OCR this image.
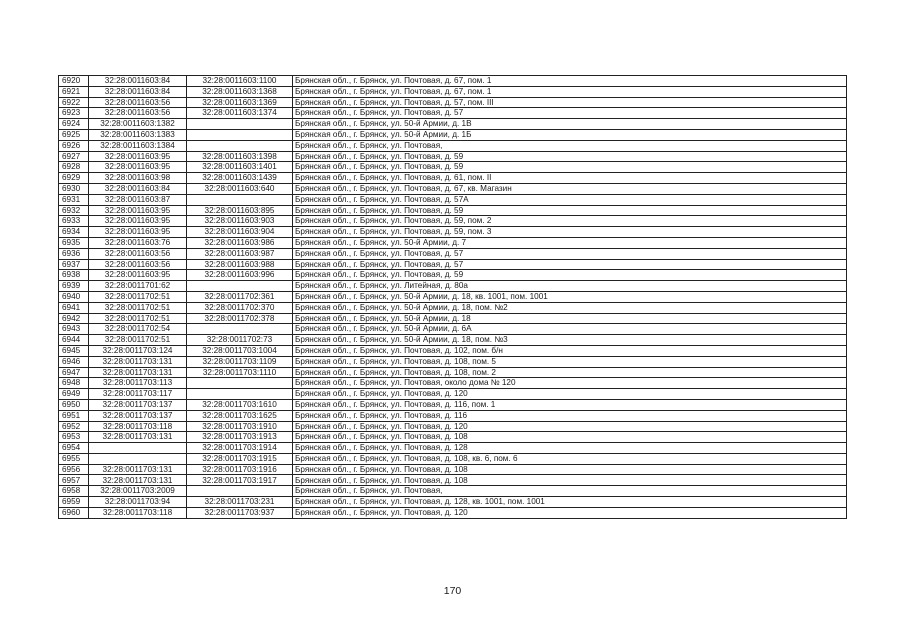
6920	32:28:0011603:84	32:28:0011603:1100	Брянская обл., г. Брянск, ул. Почтовая, д. 67, пом. 1
6921	32:28:0011603:84	32:28:0011603:1368	Брянская обл., г. Брянск, ул. Почтовая, д. 67, пом. 1
6922	32:28:0011603:56	32:28:0011603:1369	Брянская обл., г. Брянск, ул. Почтовая, д. 57, пом. III
6923	32:28:0011603:56	32:28:0011603:1374	Брянская обл., г. Брянск, ул. Почтовая, д. 57
6924	32:28:0011603:1382		Брянская обл., г. Брянск, ул. 50-й Армии, д. 1В
6925	32:28:0011603:1383		Брянская обл., г. Брянск, ул. 50-й Армии, д. 1Б
6926	32:28:0011603:1384		Брянская обл., г. Брянск, ул. Почтовая,
6927	32:28:0011603:95	32:28:0011603:1398	Брянская обл., г. Брянск, ул. Почтовая, д. 59
6928	32:28:0011603:95	32:28:0011603:1401	Брянская обл., г. Брянск, ул. Почтовая, д. 59
6929	32:28:0011603:98	32:28:0011603:1439	Брянская обл., г. Брянск, ул. Почтовая, д. 61, пом. II
6930	32:28:0011603:84	32:28:0011603:640	Брянская обл., г. Брянск, ул. Почтовая, д. 67, кв. Магазин
6931	32:28:0011603:87		Брянская обл., г. Брянск, ул. Почтовая, д. 57А
6932	32:28:0011603:95	32:28:0011603:895	Брянская обл., г. Брянск, ул. Почтовая, д. 59
6933	32:28:0011603:95	32:28:0011603:903	Брянская обл., г. Брянск, ул. Почтовая, д. 59, пом. 2
6934	32:28:0011603:95	32:28:0011603:904	Брянская обл., г. Брянск, ул. Почтовая, д. 59, пом. 3
6935	32:28:0011603:76	32:28:0011603:986	Брянская обл., г. Брянск, ул. 50-й Армии, д. 7
6936	32:28:0011603:56	32:28:0011603:987	Брянская обл., г. Брянск, ул. Почтовая, д. 57
6937	32:28:0011603:56	32:28:0011603:988	Брянская обл., г. Брянск, ул. Почтовая, д. 57
6938	32:28:0011603:95	32:28:0011603:996	Брянская обл., г. Брянск, ул. Почтовая, д. 59
6939	32:28:0011701:62		Брянская обл., г. Брянск, ул. Литейная, д. 80а
6940	32:28:0011702:51	32:28:0011702:361	Брянская обл., г. Брянск, ул. 50-й Армии, д. 18, кв. 1001, пом. 1001
6941	32:28:0011702:51	32:28:0011702:370	Брянская обл., г. Брянск, ул. 50-й Армии, д. 18, пом. №2
6942	32:28:0011702:51	32:28:0011702:378	Брянская обл., г. Брянск, ул. 50-й Армии, д. 18
6943	32:28:0011702:54		Брянская обл., г. Брянск, ул. 50-й Армии, д. 6А
6944	32:28:0011702:51	32:28:0011702:73	Брянская обл., г. Брянск, ул. 50-й Армии, д. 18, пом. №3
6945	32:28:0011703:124	32:28:0011703:1004	Брянская обл., г. Брянск, ул. Почтовая, д. 102, пом. б/н
6946	32:28:0011703:131	32:28:0011703:1109	Брянская обл., г. Брянск, ул. Почтовая, д. 108, пом. 5
6947	32:28:0011703:131	32:28:0011703:1110	Брянская обл., г. Брянск, ул. Почтовая, д. 108, пом. 2
6948	32:28:0011703:113		Брянская обл., г. Брянск, ул. Почтовая, около дома № 120
6949	32:28:0011703:117		Брянская обл., г. Брянск, ул. Почтовая, д. 120
6950	32:28:0011703:137	32:28:0011703:1610	Брянская обл., г. Брянск, ул. Почтовая, д. 116, пом. 1
6951	32:28:0011703:137	32:28:0011703:1625	Брянская обл., г. Брянск, ул. Почтовая, д. 116
6952	32:28:0011703:118	32:28:0011703:1910	Брянская обл., г. Брянск, ул. Почтовая, д. 120
6953	32:28:0011703:131	32:28:0011703:1913	Брянская обл., г. Брянск, ул. Почтовая, д. 108
6954		32:28:0011703:1914	Брянская обл., г. Брянск, ул. Почтовая, д. 128
6955		32:28:0011703:1915	Брянская обл., г. Брянск, ул. Почтовая, д. 108, кв. 6, пом. 6
6956	32:28:0011703:131	32:28:0011703:1916	Брянская обл., г. Брянск, ул. Почтовая, д. 108
6957	32:28:0011703:131	32:28:0011703:1917	Брянская обл., г. Брянск, ул. Почтовая, д. 108
6958	32:28:0011703:2009		Брянская обл., г. Брянск, ул. Почтовая,
6959	32:28:0011703:94	32:28:0011703:231	Брянская обл., г. Брянск, ул. Почтовая, д. 128, кв. 1001, пом. 1001
6960	32:28:0011703:118	32:28:0011703:937	Брянская обл., г. Брянск, ул. Почтовая, д. 120
170
